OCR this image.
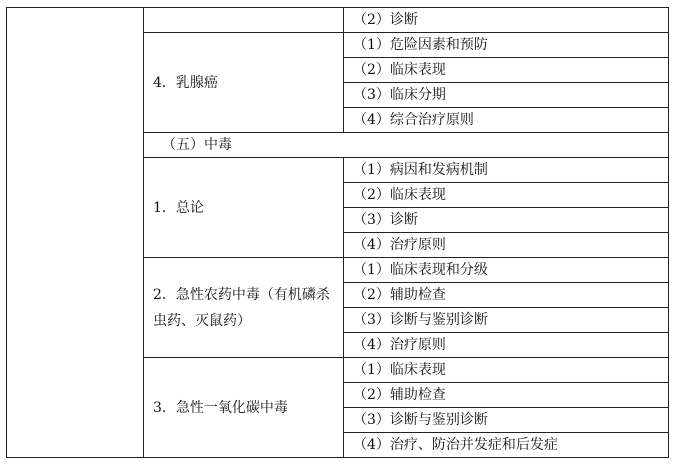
		（2）诊断
	4．乳腺癌	（1）危险因素和预防
		（2）临床表现
		（3）临床分期
		（4）综合治疗原则
	（五）中毒	
	1．总论	（1）病因和发病机制
		（2）临床表现
		（3）诊断
		（4）治疗原则
	2．急性农药中毒（有机磷杀虫药、灭鼠药）	（1）临床表现和分级
		（2）辅助检查
		（3）诊断与鉴别诊断
		（4）治疗原则
	3．急性一氧化碳中毒	（1）临床表现
		（2）辅助检查
		（3）诊断与鉴别诊断
		（4）治疗、防治并发症和后发症
